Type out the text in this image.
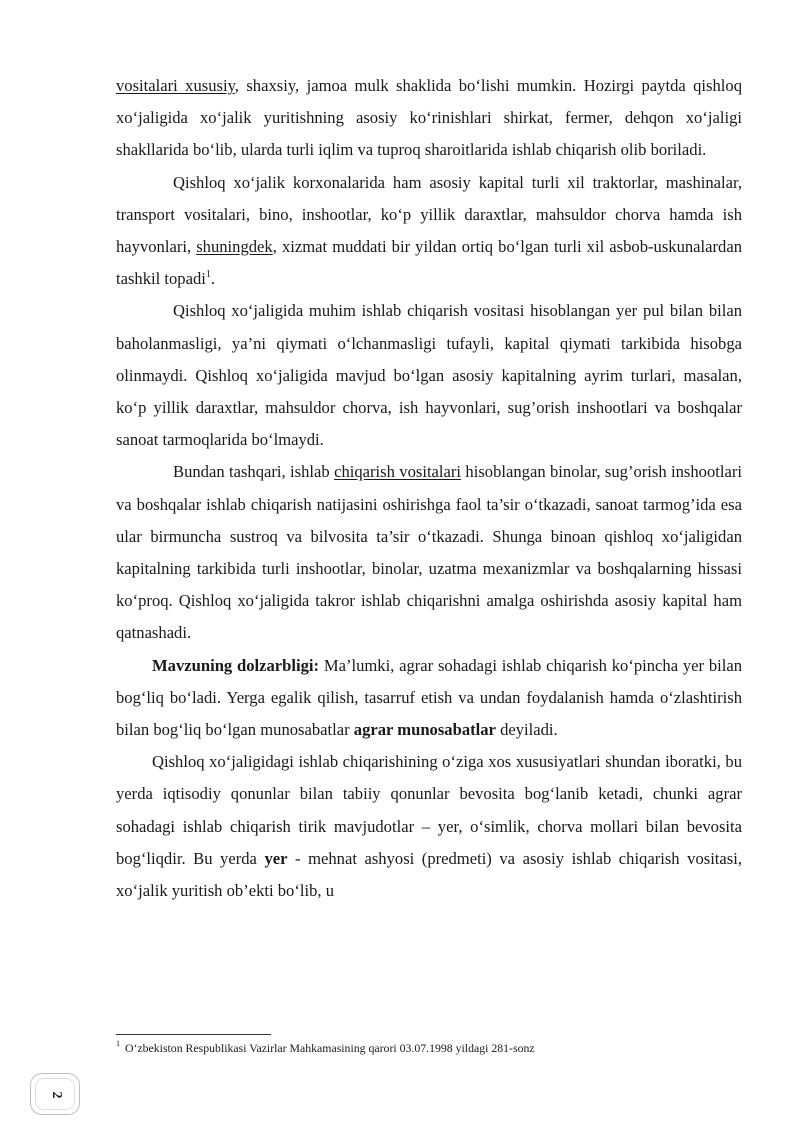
vositalari xususiy, shaxsiy, jamoa mulk shaklida bo‘lishi mumkin. Hozirgi paytda qishloq xo‘jaligida xo‘jalik yuritishning asosiy ko‘rinishlari shirkat, fermer, dehqon xo‘jaligi shakllarida bo‘lib, ularda turli iqlim va tuproq sharoitlarida ishlab chiqarish olib boriladi.

Qishloq xo‘jalik korxonalarida ham asosiy kapital turli xil traktorlar, mashinalar, transport vositalari, bino, inshootlar, ko‘p yillik daraxtlar, mahsuldor chorva hamda ish hayvonlari, shuningdek, xizmat muddati bir yildan ortiq bo‘lgan turli xil asbob-uskunalardan tashkil topadi$^1$.

Qishloq xo‘jaligida muhim ishlab chiqarish vositasi hisoblangan yer pul bilan bilan baholanmasligi, ya’ni qiymati o‘lchanmasligi tufayli, kapital qiymati tarkibida hisobga olinmaydi. Qishloq xo‘jaligida mavjud bo‘lgan asosiy kapitalning ayrim turlari, masalan, ko‘p yillik daraxtlar, mahsuldor chorva, ish hayvonlari, sug’orish inshootlari va boshqalar sanoat tarmoqlarida bo‘lmaydi.

Bundan tashqari, ishlab chiqarish vositalari hisoblangan binolar, sug’orish inshootlari va boshqalar ishlab chiqarish natijasini oshirishga faol ta’sir o‘tkazadi, sanoat tarmog’ida esa ular birmuncha sustroq va bilvosita ta’sir o‘tkazadi. Shunga binoan qishloq xo‘jaligidan kapitalning tarkibida turli inshootlar, binolar, uzatma mexanizmlar va boshqalarning hissasi ko‘proq. Qishloq xo‘jaligida takror ishlab chiqarishni amalga oshirishda asosiy kapital ham qatnashadi.

Mavzuning dolzarbligi: Ma’lumki, agrar sohadagi ishlab chiqarish ko‘pincha yer bilan bog‘liq bo‘ladi. Yerga egalik qilish, tasarruf etish va undan foydalanish hamda o‘zlashtirish bilan bog‘liq bo‘lgan munosabatlar agrar munosabatlar deyiladi.

Qishloq xo‘jaligidagi ishlab chiqarishining o‘ziga xos xususiyatlari shundan iboratki, bu yerda iqtisodiy qonunlar bilan tabiiy qonunlar bevosita bog‘lanib ketadi, chunki agrar sohadagi ishlab chiqarish tirik mavjudotlar – yer, o‘simlik, chorva mollari bilan bevosita bog‘liqdir. Bu yerda yer - mehnat ashyosi (predmeti) va asosiy ishlab chiqarish vositasi, xo‘jalik yuritish ob’ekti bo‘lib, u

$^1$ O‘zbekiston Respublikasi Vazirlar Mahkamasining qarori 03.07.1998 yildagi 281-sonz
2
